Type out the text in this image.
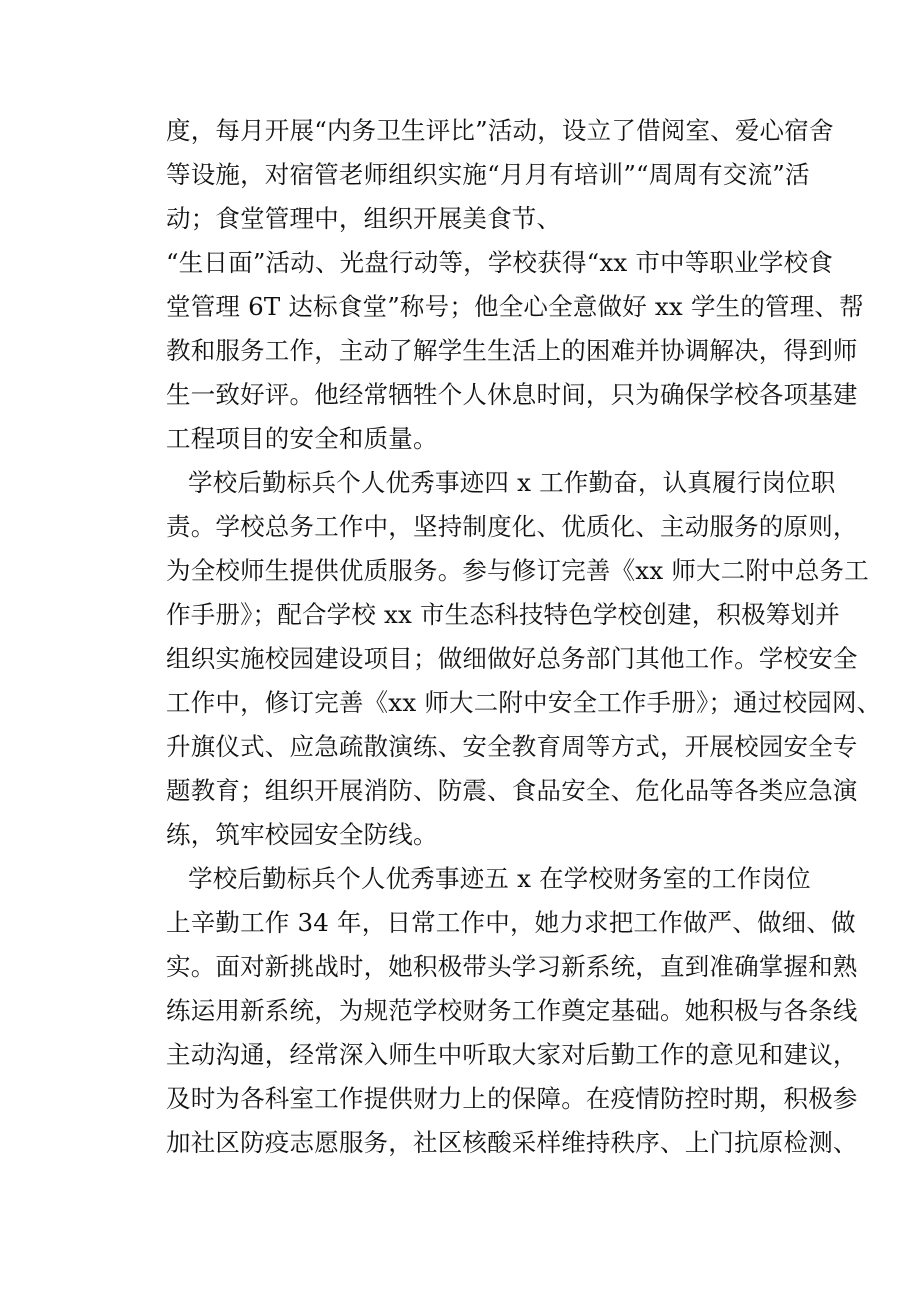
度，每月开展“内务卫生评比”活动，设立了借阅室、爱心宿舍
等设施，对宿管老师组织实施“月月有培训”“周周有交流”活
动；食堂管理中，组织开展美食节、
“生日面”活动、光盘行动等，学校获得“xx 市中等职业学校食
堂管理 6T 达标食堂”称号；他全心全意做好 xx 学生的管理、帮
教和服务工作，主动了解学生生活上的困难并协调解决，得到师
生一致好评。他经常牺牲个人休息时间，只为确保学校各项基建
工程项目的安全和质量。
学校后勤标兵个人优秀事迹四 x 工作勤奋，认真履行岗位职
责。学校总务工作中，坚持制度化、优质化、主动服务的原则，
为全校师生提供优质服务。参与修订完善《xx 师大二附中总务工
作手册》；配合学校 xx 市生态科技特色学校创建，积极筹划并
组织实施校园建设项目；做细做好总务部门其他工作。学校安全
工作中，修订完善《xx 师大二附中安全工作手册》；通过校园网、
升旗仪式、应急疏散演练、安全教育周等方式，开展校园安全专
题教育；组织开展消防、防震、食品安全、危化品等各类应急演
练，筑牢校园安全防线。
学校后勤标兵个人优秀事迹五 x 在学校财务室的工作岗位
上辛勤工作 34 年，日常工作中，她力求把工作做严、做细、做
实。面对新挑战时，她积极带头学习新系统，直到准确掌握和熟
练运用新系统，为规范学校财务工作奠定基础。她积极与各条线
主动沟通，经常深入师生中听取大家对后勤工作的意见和建议，
及时为各科室工作提供财力上的保障。在疫情防控时期，积极参
加社区防疫志愿服务，社区核酸采样维持秩序、上门抗原检测、
